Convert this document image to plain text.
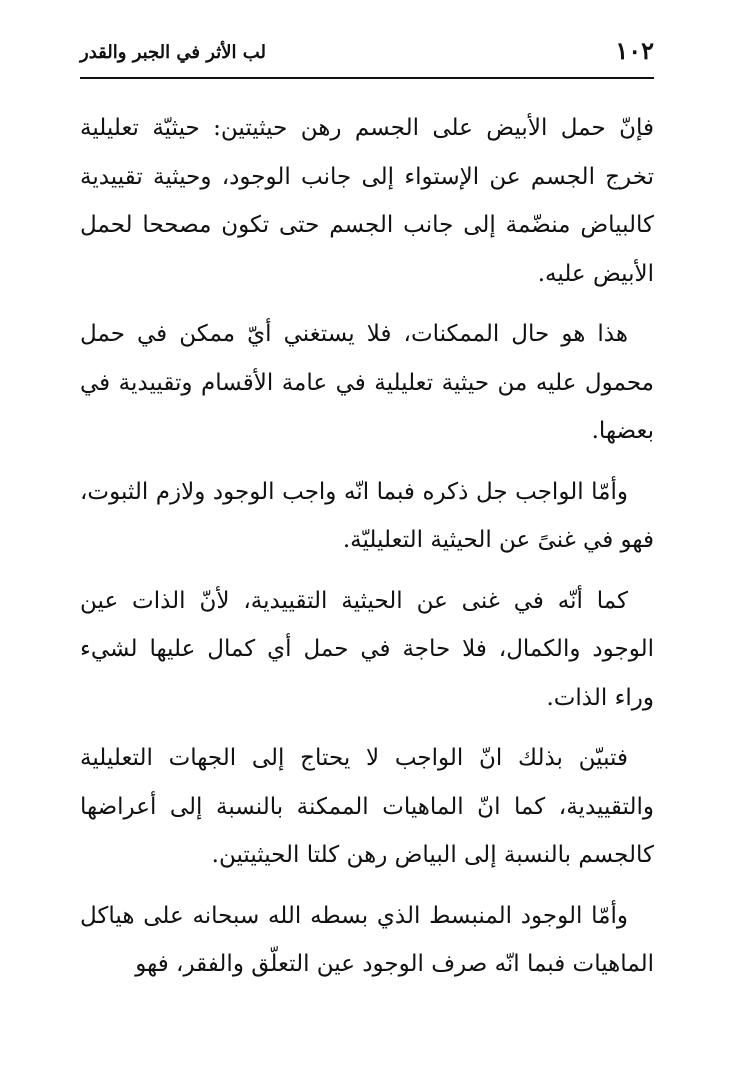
١٠٢
لب الأثر في الجبر والقدر

فإنّ حمل الأبيض على الجسم رهن حيثيتين: حيثيّة تعليلية تخرج الجسم عن الإستواء إلى جانب الوجود، وحيثية تقييدية كالبياض منضّمة إلى جانب الجسم حتى تكون مصححا لحمل الأبيض عليه.

هذا هو حال الممكنات، فلا يستغني أيّ ممكن في حمل محمول عليه من حيثية تعليلية في عامة الأقسام وتقييدية في بعضها.

وأمّا الواجب جل ذكره فبما انّه واجب الوجود ولازم الثبوت، فهو في غنىً عن الحيثية التعليليّة.

كما أنّه في غنى عن الحيثية التقييدية، لأنّ الذات عين الوجود والكمال، فلا حاجة في حمل أي كمال عليها لشيء وراء الذات.

فتبيّن بذلك انّ الواجب لا يحتاج إلى الجهات التعليلية والتقييدية، كما انّ الماهيات الممكنة بالنسبة إلى أعراضها كالجسم بالنسبة إلى البياض رهن كلتا الحيثيتين.

وأمّا الوجود المنبسط الذي بسطه الله سبحانه على هياكل الماهيات فبما انّه صرف الوجود عين التعلّق والفقر، فهو
